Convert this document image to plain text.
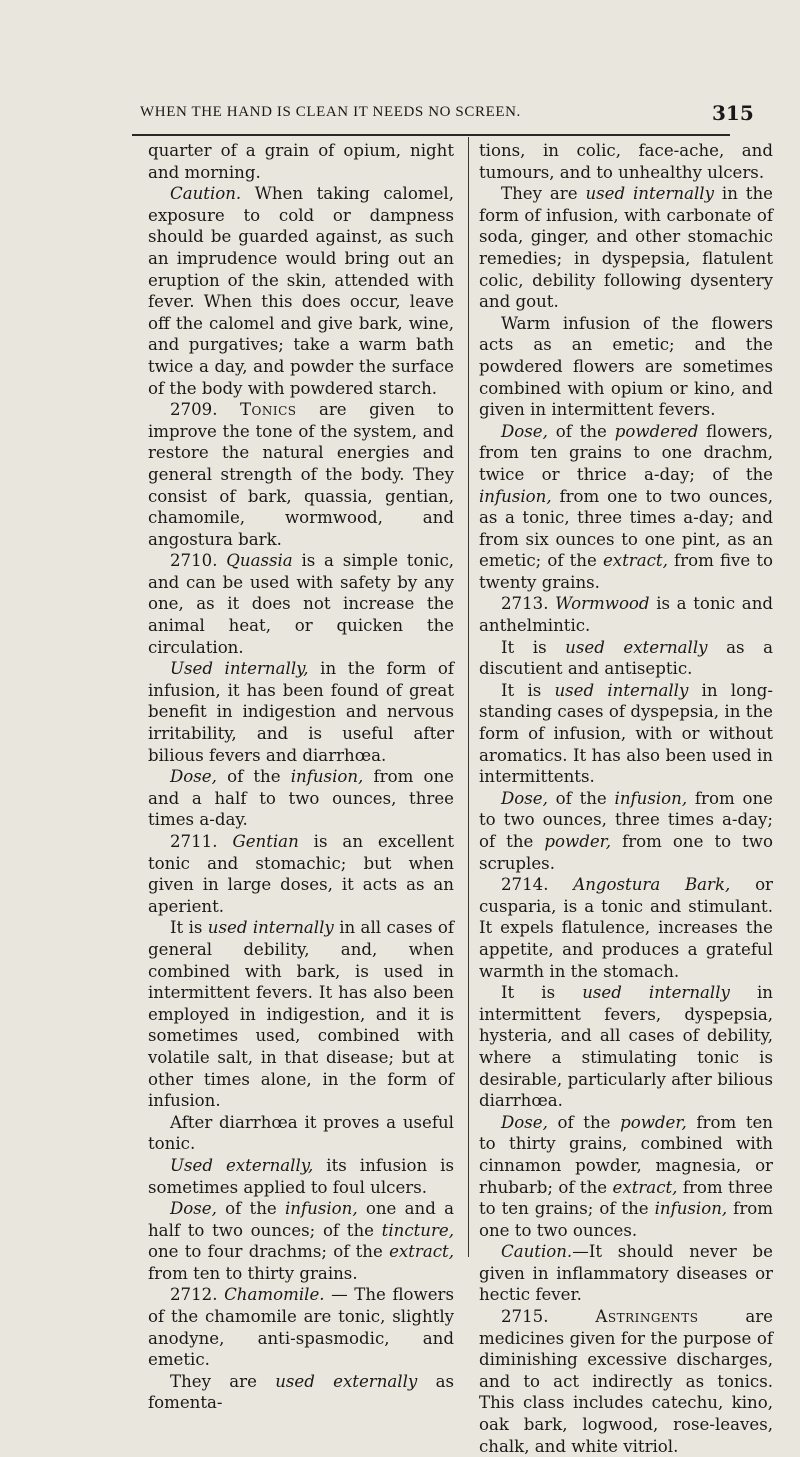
WHEN THE HAND IS CLEAN IT NEEDS NO SCREEN.	315

quarter of a grain of opium, night and morning.

Caution. When taking calomel, exposure to cold or dampness should be guarded against, as such an imprudence would bring out an eruption of the skin, attended with fever. When this does occur, leave off the calomel and give bark, wine, and purgatives; take a warm bath twice a day, and powder the surface of the body with powdered starch.

2709. Tonics are given to improve the tone of the system, and restore the natural energies and general strength of the body. They consist of bark, quassia, gentian, chamomile, wormwood, and angostura bark.

2710. Quassia is a simple tonic, and can be used with safety by any one, as it does not increase the animal heat, or quicken the circulation.

Used internally, in the form of infusion, it has been found of great benefit in indigestion and nervous irritability, and is useful after bilious fevers and diarrhœa.

Dose, of the infusion, from one and a half to two ounces, three times a-day.

2711. Gentian is an excellent tonic and stomachic; but when given in large doses, it acts as an aperient.

It is used internally in all cases of general debility, and, when combined with bark, is used in intermittent fevers. It has also been employed in indigestion, and it is sometimes used, combined with volatile salt, in that disease; but at other times alone, in the form of infusion.

After diarrhœa it proves a useful tonic.

Used externally, its infusion is sometimes applied to foul ulcers.

Dose, of the infusion, one and a half to two ounces; of the tincture, one to four drachms; of the extract, from ten to thirty grains.

2712. Chamomile. — The flowers of the chamomile are tonic, slightly anodyne, anti-spasmodic, and emetic.

They are used externally as fomenta-

tions, in colic, face-ache, and tumours, and to unhealthy ulcers.

They are used internally in the form of infusion, with carbonate of soda, ginger, and other stomachic remedies; in dyspepsia, flatulent colic, debility following dysentery and gout.

Warm infusion of the flowers acts as an emetic; and the powdered flowers are sometimes combined with opium or kino, and given in intermittent fevers.

Dose, of the powdered flowers, from ten grains to one drachm, twice or thrice a-day; of the infusion, from one to two ounces, as a tonic, three times a-day; and from six ounces to one pint, as an emetic; of the extract, from five to twenty grains.

2713. Wormwood is a tonic and anthelmintic.

It is used externally as a discutient and antiseptic.

It is used internally in long-standing cases of dyspepsia, in the form of infusion, with or without aromatics. It has also been used in intermittents.

Dose, of the infusion, from one to two ounces, three times a-day; of the powder, from one to two scruples.

2714. Angostura Bark, or cusparia, is a tonic and stimulant. It expels flatulence, increases the appetite, and produces a grateful warmth in the stomach.

It is used internally in intermittent fevers, dyspepsia, hysteria, and all cases of debility, where a stimulating tonic is desirable, particularly after bilious diarrhœa.

Dose, of the powder, from ten to thirty grains, combined with cinnamon powder, magnesia, or rhubarb; of the extract, from three to ten grains; of the infusion, from one to two ounces.

Caution.—It should never be given in inflammatory diseases or hectic fever.

2715. Astringents are medicines given for the purpose of diminishing excessive discharges, and to act indirectly as tonics. This class includes catechu, kino, oak bark, logwood, rose-leaves, chalk, and white vitriol.
